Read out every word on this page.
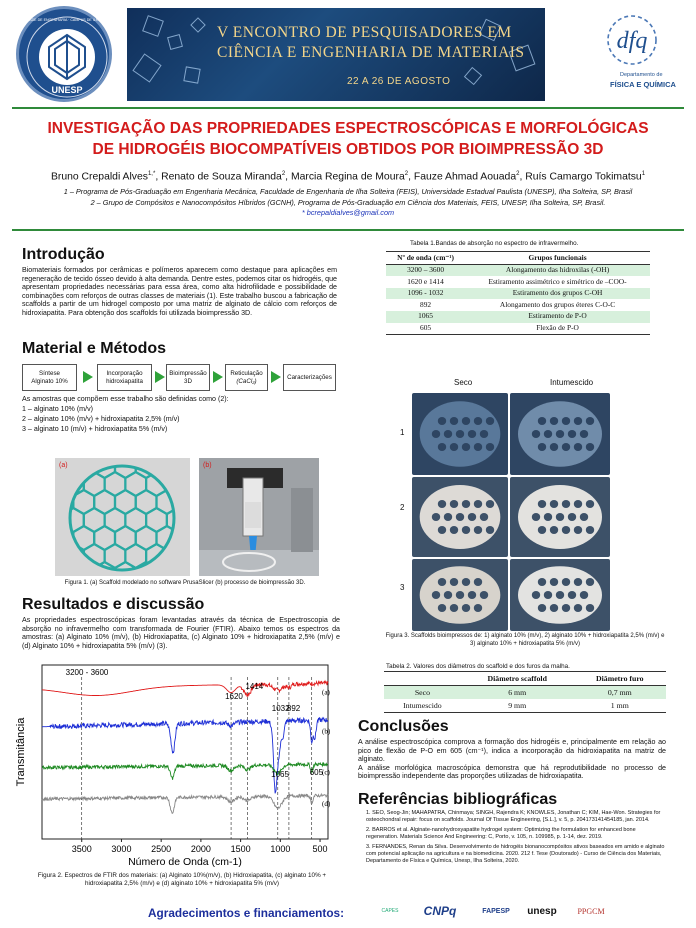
UNESP
FACULDADE DE ENGENHARIA · CAMPUS DE ILHA SOLTEIRA
V ENCONTRO DE PESQUISADORES EM
CIÊNCIA E ENGENHARIA DE MATERIAIS
22 A 26 DE AGOSTO
dfq
Departamento de
FÍSICA E QUÍMICA
INVESTIGAÇÃO DAS PROPRIEDADES ESPECTROSCÓPICAS E MORFOLÓGICAS
DE HIDROGÉIS BIOCOMPATÍVEIS OBTIDOS POR BIOIMPRESSÃO 3D
Bruno Crepaldi Alves$^{1,*}$, Renato de Souza Miranda$^2$, Marcia Regina de Moura$^2$, Fauze Ahmad Aouada$^2$, Ruís Camargo Tokimatsu$^1$
1 – Programa de Pós-Graduação em Engenharia Mecânica, Faculdade de Engenharia de Ilha Solteira (FEIS), Universidade Estadual Paulista (UNESP), Ilha Solteira, SP, Brasil
2 – Grupo de Compósitos e Nanocompósitos Híbridos (GCNH), Programa de Pós-Graduação em Ciência dos Materiais, FEIS, UNESP, Ilha Solteira, SP, Brasil.
* bcrepaldialves@gmail.com
Introdução
Biomateriais formados por cerâmicas e polímeros aparecem como destaque para aplicações em regeneração de tecido ósseo devido à alta demanda. Dentre estes, podemos citar os hidrogéis, que apresentam propriedades necessárias para essa área, como alta hidrofilidade e possibilidade de combinações com reforços de outras classes de materiais (1). Este trabalho buscou a fabricação de scaffolds a partir de um hidrogel composto por uma matriz de alginato de cálcio com reforços de hidroxiapatita. Para obtenção dos scaffolds foi utilizada bioimpressão 3D.
Material e Métodos
Síntese
Alginato 10%
Incorporação
hidroxiapatita
Bioimpressão
3D
Reticulação
(CaCl₂)
Caracterizações
As amostras que compõem esse trabalho são definidas como (2):
1 – alginato 10% (m/v)
2 – alginato 10% (m/v) + hidroxiapatita 2,5% (m/v)
3 – alginato 10 (m/v) + hidroxiapatita 5% (m/v)
(a)	(b)
Figura 1. (a) Scaffold modelado no software PrusaSlicer (b) processo de bioimpressão 3D.
Resultados e discussão
As propriedades espectroscópicas foram levantadas através da técnica de Espectroscopia de absorção no infravermelho com transformada de Fourier (FTIR). Abaixo temos os espectros da amostras: (a) Alginato 10% (m/v), (b) Hidroxiapatita, (c) Alginato 10% + hidroxiapatita 2,5% (m/v) e (d) Alginato 10% + hidroxiapatita 5% (m/v) (3).
3500 3000 2500 2000 1500 1000 500
Número de Onda (cm-1)
Transmitância
(a)
(b)
(c)
(d)
3200 - 3600
1620
1414
1032
892
605
1065
Figura 2. Espectros de FTIR dos materiais: (a) Alginato 10%(m/v), (b) Hidroxiapatita, (c) alginato 10% + hidroxiapatita 2,5% (m/v) e (d) alginato 10% + hidroxiapatita 5% (m/v)
Tabela 1.Bandas de absorção no espectro de infravermelho.
Nº de onda (cm⁻¹)	Grupos funcionais
3200 – 3600	Alongamento das hidroxilas (-OH)
1620 e 1414	Estiramento assimétrico e simétrico de –COO-
1096 - 1032	Estiramento dos grupos C-OH
892	Alongamento dos grupos éteres C-O-C
1065	Estiramento de P-O
605	Flexão de P-O
Seco	Intumescido
1
2
3
Figura 3. Scaffolds bioimpressos de: 1) alginato 10% (m/v), 2) alginato 10% + hidroxiapatita 2,5% (m/v) e 3) alginato 10% + hidroxiapatita 5% (m/v)
Tabela 2. Valores dos diâmetros do scaffold e dos furos da malha.
	Diâmetro scaffold	Diâmetro furo
Seco	6 mm	0,7 mm
Intumescido	9 mm	1 mm
Conclusões
A análise espectroscópica comprova a formação dos hidrogéis e, principalmente em relação ao pico de flexão de P-O em 605 (cm⁻¹), indica a incorporação da hidroxiapatita na matriz de alginato.
A análise morfológica macroscópica demonstra que há reprodutibilidade no processo de bioimpressão independente das proporções utilizadas de hidroxiapatita.
Referências bibliográficas
1. SEO, Seog-Jin; MAHAPATRA, Chinmaya; SINGH, Rajendra K; KNOWLES, Jonathan C; KIM, Hae-Won. Strategies for osteochondral repair: focus on scaffolds. Journal Of Tissue Engineering, [S.L.], v. 5, p. 204173141454185, jan. 2014.
2. BARROS et al. Alginate-nanohydroxyapatite hydrogel system: Optimizing the formulation for enhanced bone regeneration. Materials Science And Engineering: C, Porto, v. 105, n. 109985, p. 1-14, dez. 2019.
3. FERNANDES, Renan da Silva. Desenvolvimento de hidrogéis bionanocompósitos ativos baseados em amido e alginato com potencial aplicação na agricultura e na biomedicina. 2020. 212 f. Tese (Doutorado) - Curso de Ciência dos Materiais, Departamento de Física e Química, Unesp, Ilha Solteira, 2020.
Agradecimentos e financiamentos:	CAPES CNPq	FAPESP unesp	PPGCM
